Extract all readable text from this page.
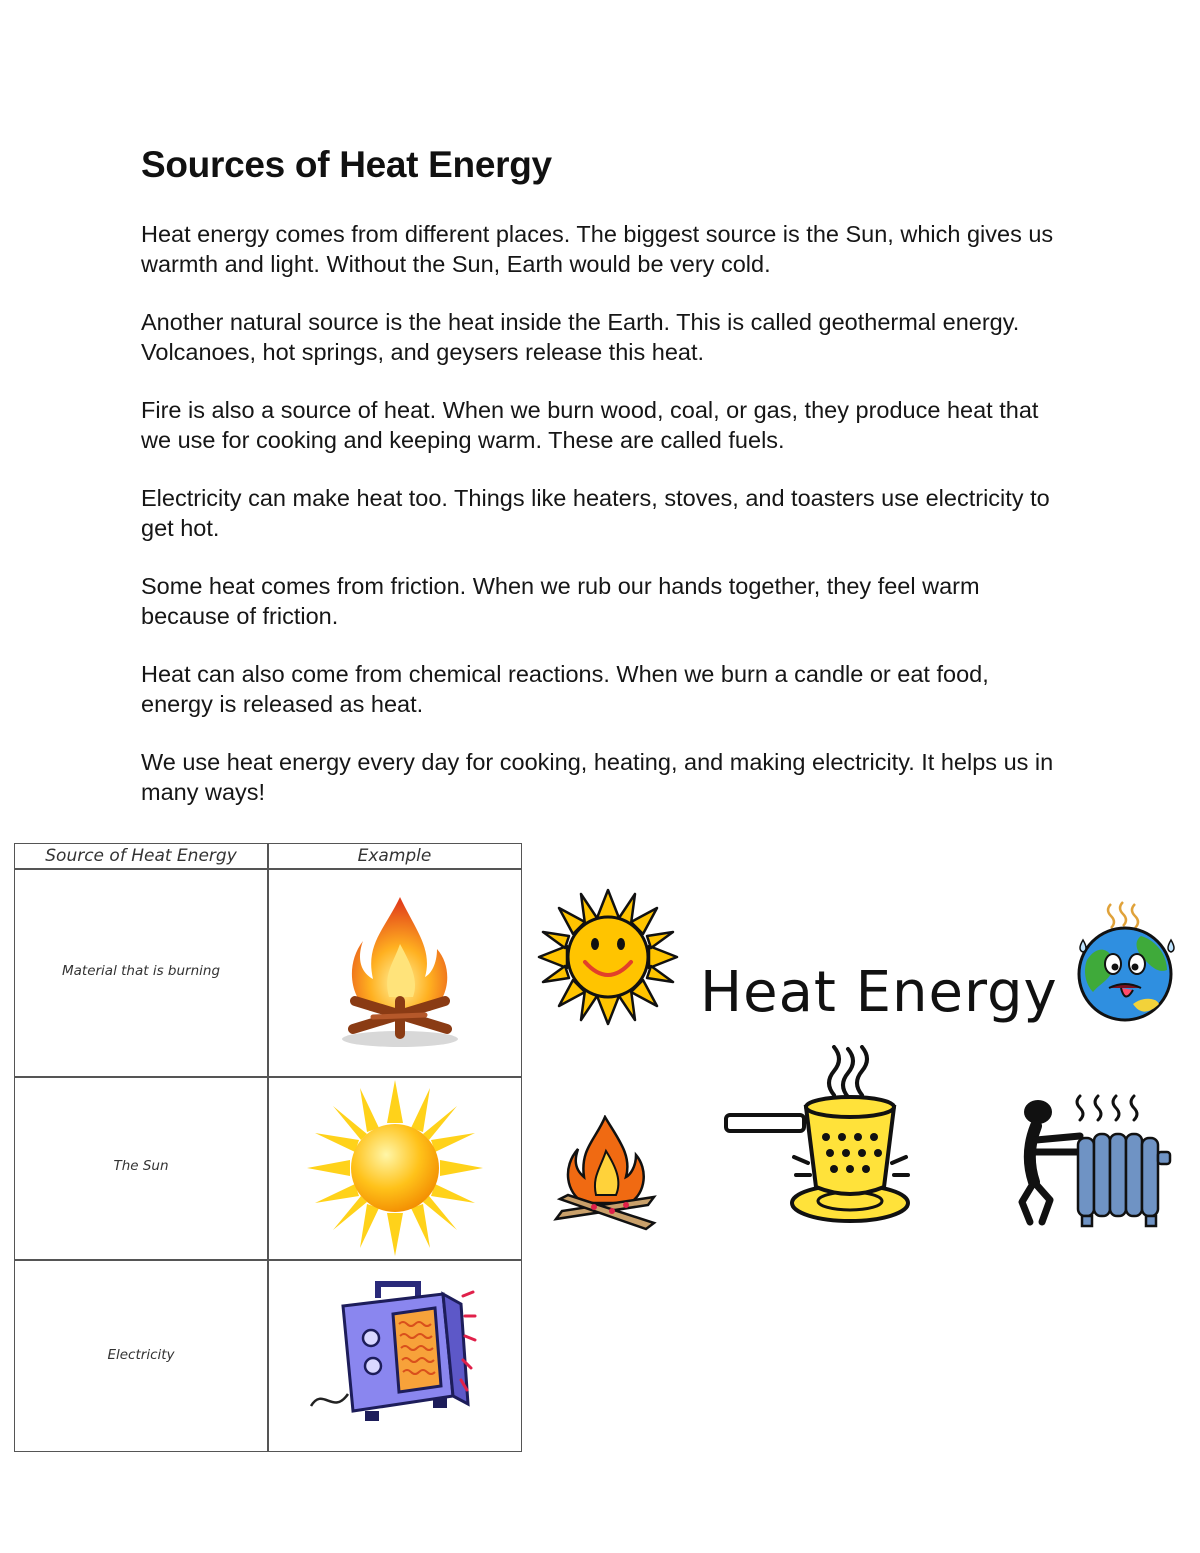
Sources of Heat Energy

Heat energy comes from different places. The biggest source is the Sun, which gives us warmth and light. Without the Sun, Earth would be very cold.

Another natural source is the heat inside the Earth. This is called geothermal energy. Volcanoes, hot springs, and geysers release this heat.

Fire is also a source of heat. When we burn wood, coal, or gas, they produce heat that we use for cooking and keeping warm. These are called fuels.

Electricity can make heat too. Things like heaters, stoves, and toasters use electricity to get hot.

Some heat comes from friction. When we rub our hands together, they feel warm because of friction.

Heat can also come from chemical reactions. When we burn a candle or eat food, energy is released as heat.

We use heat energy every day for cooking, heating, and making electricity. It helps us in many ways!

Source of Heat Energy	Example
Material that is burning
The Sun
Electricity
Heat Energy
